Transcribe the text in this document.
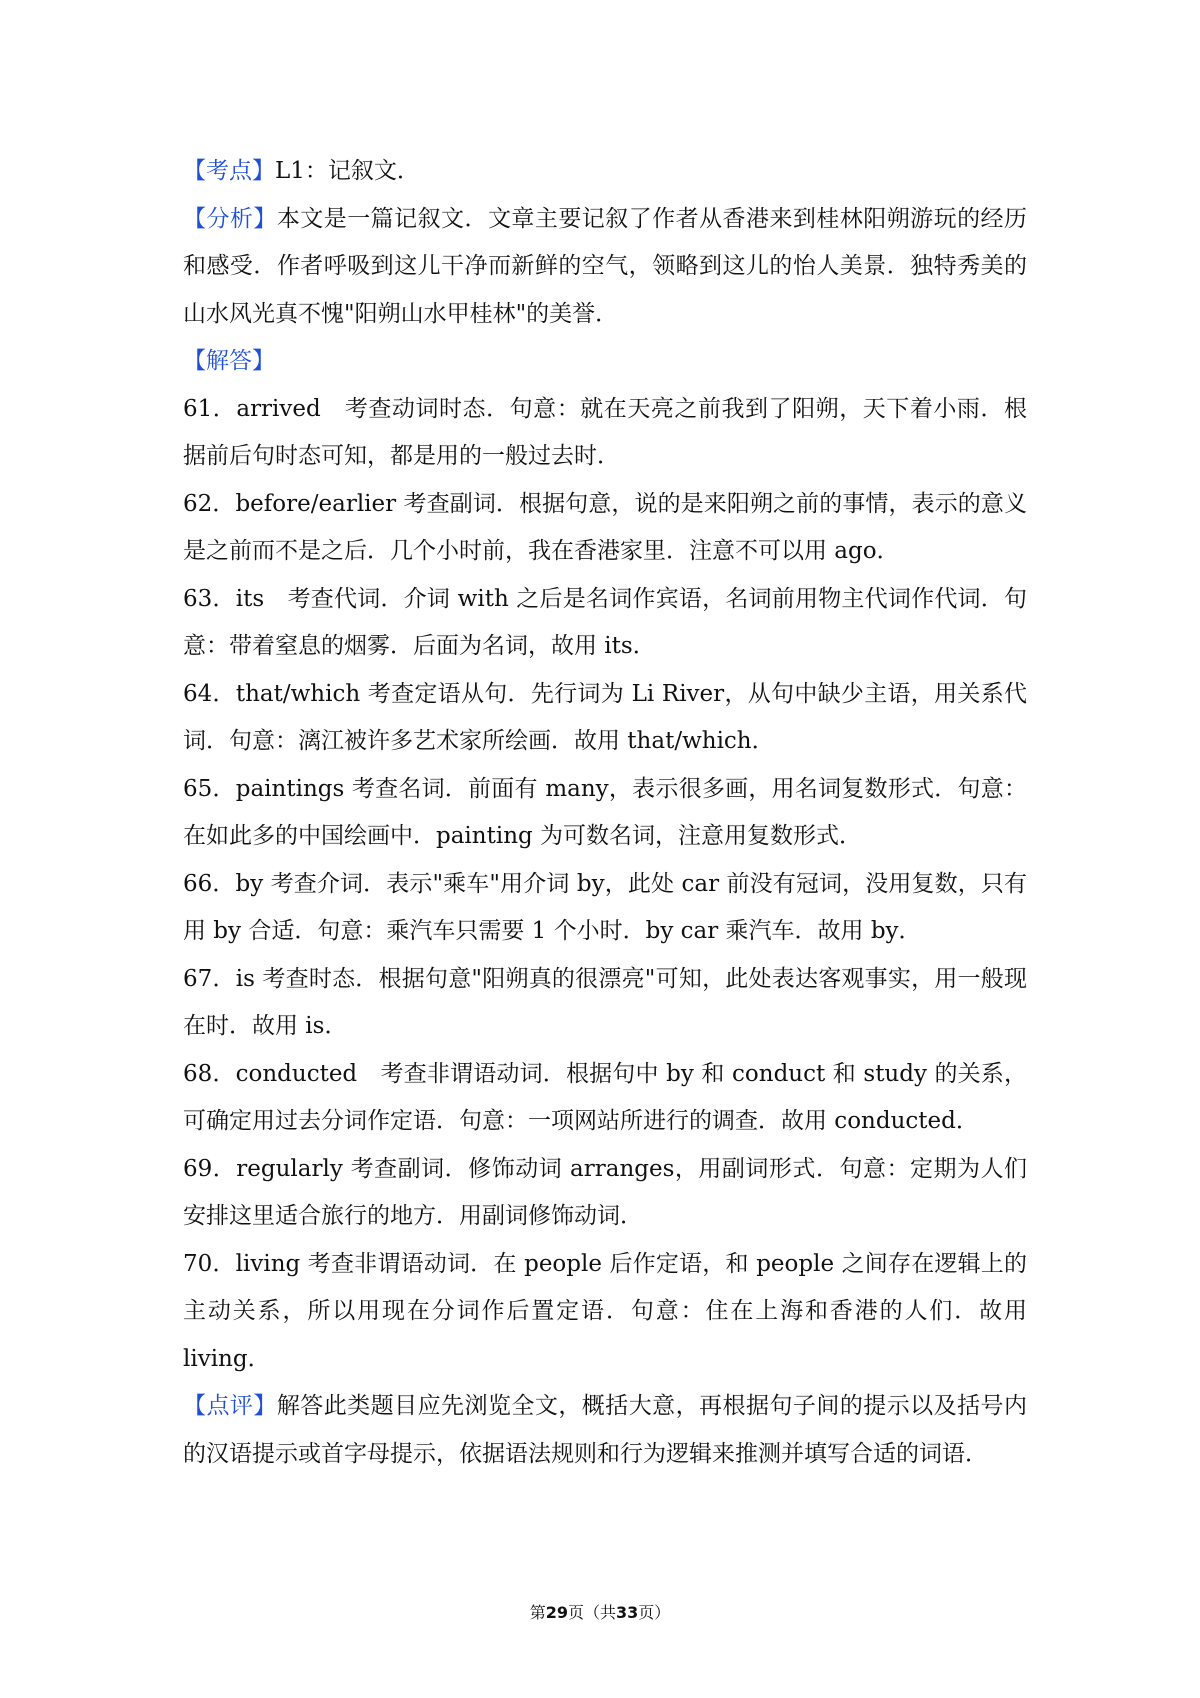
【考点】L1：记叙文．

【分析】本文是一篇记叙文．文章主要记叙了作者从香港来到桂林阳朔游玩的经历和感受．作者呼吸到这儿干净而新鲜的空气，领略到这儿的怡人美景．独特秀美的山水风光真不愧"阳朔山水甲桂林"的美誉．

【解答】

61．arrived　考查动词时态．句意：就在天亮之前我到了阳朔，天下着小雨．根据前后句时态可知，都是用的一般过去时．

62．before/earlier 考查副词．根据句意，说的是来阳朔之前的事情，表示的意义是之前而不是之后．几个小时前，我在香港家里．注意不可以用 ago．

63．its　考查代词．介词 with 之后是名词作宾语，名词前用物主代词作代词．句意：带着窒息的烟雾．后面为名词，故用 its．

64．that/which 考查定语从句．先行词为 Li River，从句中缺少主语，用关系代词．句意：漓江被许多艺术家所绘画．故用 that/which．

65．paintings 考查名词．前面有 many，表示很多画，用名词复数形式．句意：在如此多的中国绘画中．painting 为可数名词，注意用复数形式．

66．by 考查介词．表示"乘车"用介词 by，此处 car 前没有冠词，没用复数，只有用 by 合适．句意：乘汽车只需要 1 个小时．by car 乘汽车．故用 by．

67．is 考查时态．根据句意"阳朔真的很漂亮"可知，此处表达客观事实，用一般现在时．故用 is．

68．conducted　考查非谓语动词．根据句中 by 和 conduct 和 study 的关系，可确定用过去分词作定语．句意：一项网站所进行的调查．故用 conducted．

69．regularly 考查副词．修饰动词 arranges，用副词形式．句意：定期为人们安排这里适合旅行的地方．用副词修饰动词．

70．living 考查非谓语动词．在 people 后作定语，和 people 之间存在逻辑上的主动关系，所以用现在分词作后置定语．句意：住在上海和香港的人们．故用 living．

【点评】解答此类题目应先浏览全文，概括大意，再根据句子间的提示以及括号内的汉语提示或首字母提示，依据语法规则和行为逻辑来推测并填写合适的词语．

第29页（共33页）
